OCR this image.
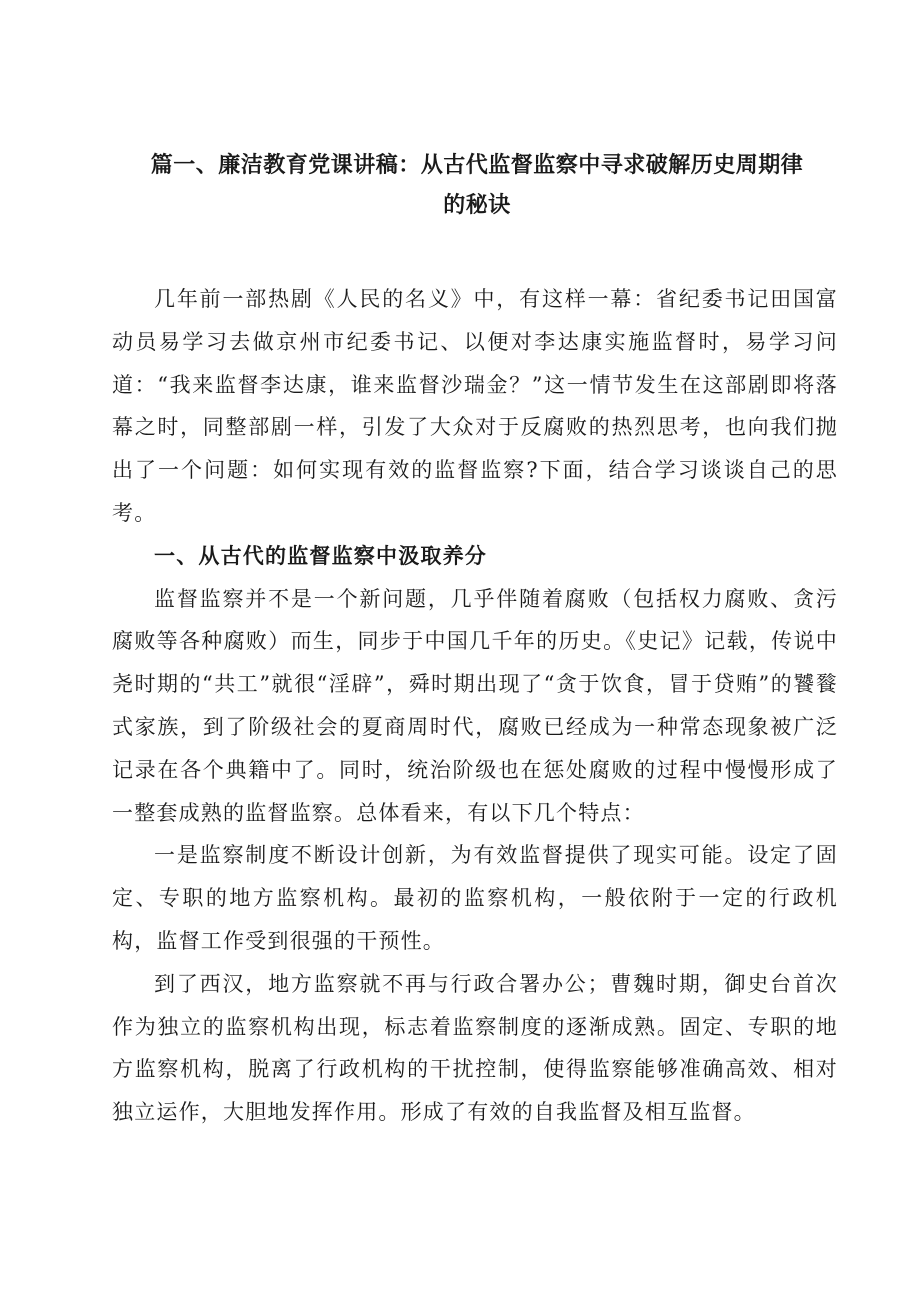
篇一、廉洁教育党课讲稿：从古代监督监察中寻求破解历史周期律
的秘诀

几年前一部热剧《人民的名义》中，有这样一幕：省纪委书记田国富动员易学习去做京州市纪委书记、以便对李达康实施监督时，易学习问道：“我来监督李达康，谁来监督沙瑞金？”这一情节发生在这部剧即将落幕之时，同整部剧一样，引发了大众对于反腐败的热烈思考，也向我们抛出了一个问题：如何实现有效的监督监察?下面，结合学习谈谈自己的思考。

一、从古代的监督监察中汲取养分

监督监察并不是一个新问题，几乎伴随着腐败（包括权力腐败、贪污腐败等各种腐败）而生，同步于中国几千年的历史。《史记》记载，传说中尧时期的“共工”就很“淫辟”，舜时期出现了“贪于饮食，冒于贷贿”的饕餮式家族，到了阶级社会的夏商周时代，腐败已经成为一种常态现象被广泛记录在各个典籍中了。同时，统治阶级也在惩处腐败的过程中慢慢形成了一整套成熟的监督监察。总体看来，有以下几个特点：

一是监察制度不断设计创新，为有效监督提供了现实可能。设定了固定、专职的地方监察机构。最初的监察机构，一般依附于一定的行政机构，监督工作受到很强的干预性。

到了西汉，地方监察就不再与行政合署办公；曹魏时期，御史台首次作为独立的监察机构出现，标志着监察制度的逐渐成熟。固定、专职的地方监察机构，脱离了行政机构的干扰控制，使得监察能够准确高效、相对独立运作，大胆地发挥作用。形成了有效的自我监督及相互监督。
